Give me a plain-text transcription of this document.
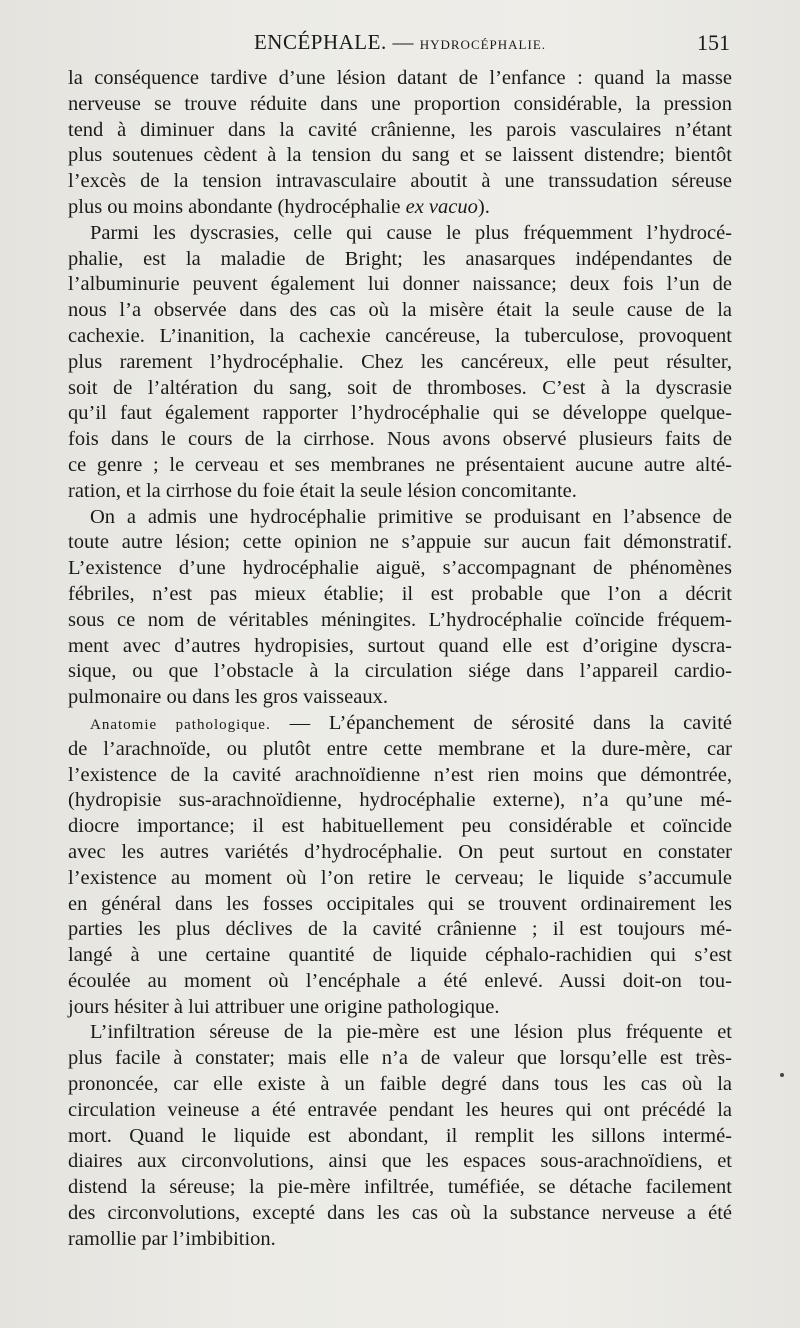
ENCÉPHALE. — HYDROCÉPHALIE.	151
la conséquence tardive d’une lésion datant de l’enfance : quand la masse
nerveuse se trouve réduite dans une proportion considérable, la pression
tend à diminuer dans la cavité crânienne, les parois vasculaires n’étant
plus soutenues cèdent à la tension du sang et se laissent distendre; bientôt
l’excès de la tension intravasculaire aboutit à une transsudation séreuse
plus ou moins abondante (hydrocéphalie ex vacuo).
Parmi les dyscrasies, celle qui cause le plus fréquemment l’hydrocé-
phalie, est la maladie de Bright; les anasarques indépendantes de
l’albuminurie peuvent également lui donner naissance; deux fois l’un de
nous l’a observée dans des cas où la misère était la seule cause de la
cachexie. L’inanition, la cachexie cancéreuse, la tuberculose, provoquent
plus rarement l’hydrocéphalie. Chez les cancéreux, elle peut résulter,
soit de l’altération du sang, soit de thromboses. C’est à la dyscrasie
qu’il faut également rapporter l’hydrocéphalie qui se développe quelque-
fois dans le cours de la cirrhose. Nous avons observé plusieurs faits de
ce genre ; le cerveau et ses membranes ne présentaient aucune autre alté-
ration, et la cirrhose du foie était la seule lésion concomitante.
On a admis une hydrocéphalie primitive se produisant en l’absence de
toute autre lésion; cette opinion ne s’appuie sur aucun fait démonstratif.
L’existence d’une hydrocéphalie aiguë, s’accompagnant de phénomènes
fébriles, n’est pas mieux établie; il est probable que l’on a décrit
sous ce nom de véritables méningites. L’hydrocéphalie coïncide fréquem-
ment avec d’autres hydropisies, surtout quand elle est d’origine dyscra-
sique, ou que l’obstacle à la circulation siége dans l’appareil cardio-
pulmonaire ou dans les gros vaisseaux.
Anatomie pathologique. — L’épanchement de sérosité dans la cavité
de l’arachnoïde, ou plutôt entre cette membrane et la dure-mère, car
l’existence de la cavité arachnoïdienne n’est rien moins que démontrée,
(hydropisie sus-arachnoïdienne, hydrocéphalie externe), n’a qu’une mé-
diocre importance; il est habituellement peu considérable et coïncide
avec les autres variétés d’hydrocéphalie. On peut surtout en constater
l’existence au moment où l’on retire le cerveau; le liquide s’accumule
en général dans les fosses occipitales qui se trouvent ordinairement les
parties les plus déclives de la cavité crânienne ; il est toujours mé-
langé à une certaine quantité de liquide céphalo-rachidien qui s’est
écoulée au moment où l’encéphale a été enlevé. Aussi doit-on tou-
jours hésiter à lui attribuer une origine pathologique.
L’infiltration séreuse de la pie-mère est une lésion plus fréquente et
plus facile à constater; mais elle n’a de valeur que lorsqu’elle est très-
prononcée, car elle existe à un faible degré dans tous les cas où la
circulation veineuse a été entravée pendant les heures qui ont précédé la
mort. Quand le liquide est abondant, il remplit les sillons intermé-
diaires aux circonvolutions, ainsi que les espaces sous-arachnoïdiens, et
distend la séreuse; la pie-mère infiltrée, tuméfiée, se détache facilement
des circonvolutions, excepté dans les cas où la substance nerveuse a été
ramollie par l’imbibition.
